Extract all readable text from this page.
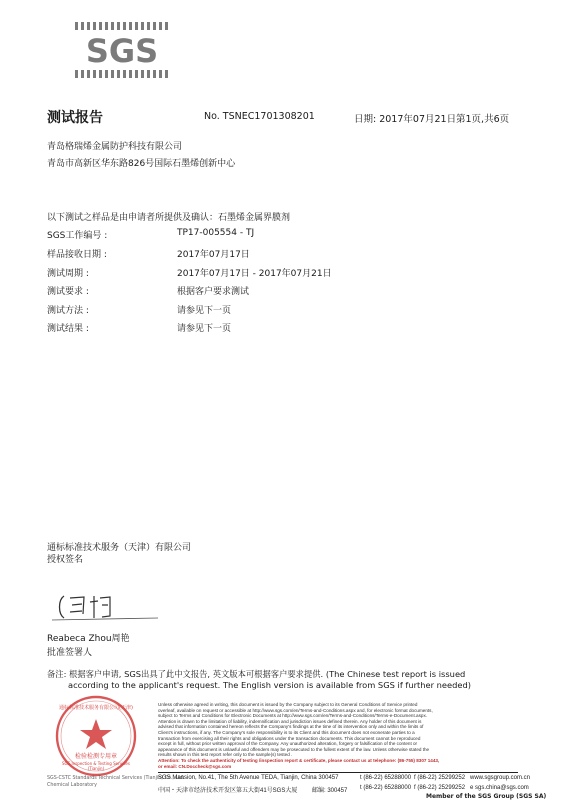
SGS
测试报告	No. TSNEC1701308201	日期: 2017年07月21日 第1页,共6页
青岛格瑞烯金属防护科技有限公司
青岛市高新区华东路826号国际石墨烯创新中心
以下测试之样品是由申请者所提供及确认：石墨烯金属界膜剂
SGS工作编号 :	TP17-005554 - TJ
样品接收日期 :	2017年07月17日
测试周期 :	2017年07月17日 - 2017年07月21日
测试要求 :	根据客户要求测试
测试方法 :	请参见下一页
测试结果 :	请参见下一页
通标标准技术服务（天津）有限公司
授权签名
Reabeca Zhou周艳
批准签署人
备注: 根据客户申请, SGS出具了此中文报告, 英文版本可根据客户要求提供. (The Chinese test report is issued
according to the applicant's request. The English version is available from SGS if further needed)
检验检测专用章
SGS Inspection & Testing Services
(Tianjin)
通标标准技术服务有限公司(天津)
SGS-CSTC Standards Technical Services (Tianjin) Co., Ltd.
Chemical Laboratory
Unless otherwise agreed in writing, this document is issued by the Company subject to its General Conditions of Service printed
overleaf, available on request or accessible at http://www.sgs.com/en/Terms-and-Conditions.aspx and, for electronic format documents,
subject to Terms and Conditions for Electronic Documents at http://www.sgs.com/en/Terms-and-Conditions/Terms-e-Document.aspx.
Attention is drawn to the limitation of liability, indemnification and jurisdiction issues defined therein. Any holder of this document is
advised that information contained hereon reflects the Company's findings at the time of its intervention only and within the limits of
Client's instructions, if any. The Company's sole responsibility is to its Client and this document does not exonerate parties to a
transaction from exercising all their rights and obligations under the transaction documents. This document cannot be reproduced
except in full, without prior written approval of the Company. Any unauthorized alteration, forgery or falsification of the content or
appearance of this document is unlawful and offenders may be prosecuted to the fullest extent of the law. Unless otherwise stated the
results shown in this test report refer only to the sample(s) tested .
Attention: To check the authenticity of testing /inspection report & certificate, please contact us at telephone: (86-755) 8307 1443,
or email: CN.Doccheck@sgs.com
SGS Mansion, No.41, The 5th Avenue TEDA, Tianjin, China 300457	t (86-22) 65288000 f (86-22) 25299252 www.sgsgroup.com.cn
中国・天津市经济技术开发区第五大街41号SGS大厦 邮编: 300457 t (86-22) 65288000 f (86-22) 25299252 e sgs.china@sgs.com
Member of the SGS Group (SGS SA)
